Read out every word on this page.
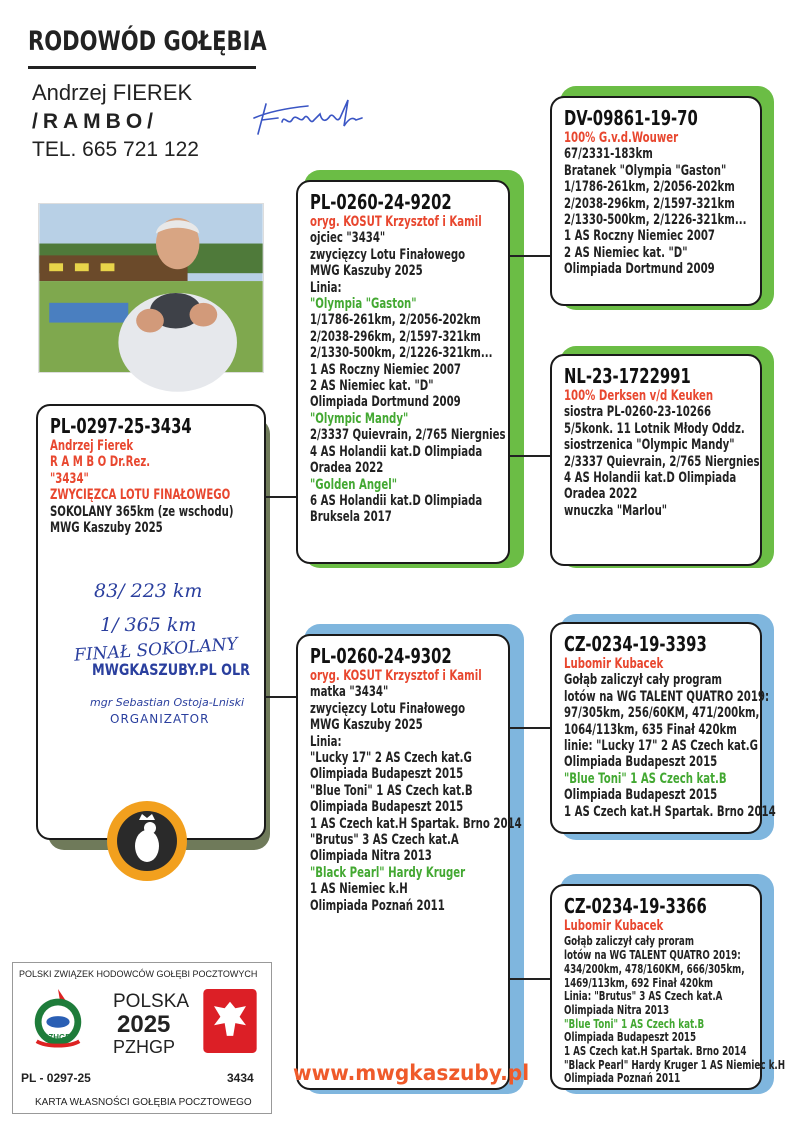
RODOWÓD GOŁĘBIA
Andrzej FIEREK
/RAMBO/
TEL. 665 721 122
PL-0297-25-3434
Andrzej Fierek
R A M B O Dr.Rez.
"3434"
ZWYCIĘZCA LOTU FINAŁOWEGO
SOKOLANY 365km (ze wschodu)
MWG Kaszuby 2025
83/ 223 km
1/ 365 km
FINAŁ SOKOLANY
MWGKASZUBY.PL OLR
mgr Sebastian Ostoja-Lniski
ORGANIZATOR
PL-0260-24-9202
oryg. KOSUT Krzysztof i Kamil
ojciec "3434"
zwycięzcy Lotu Finałowego
MWG Kaszuby 2025
Linia:
"Olympia "Gaston"
1/1786-261km, 2/2056-202km
2/2038-296km, 2/1597-321km
2/1330-500km, 2/1226-321km...
1 AS Roczny Niemiec 2007
2 AS Niemiec kat. "D"
Olimpiada Dortmund 2009
"Olympic Mandy"
2/3337 Quievrain, 2/765 Niergnies
4 AS Holandii kat.D Olimpiada
Oradea 2022
"Golden Angel"
6 AS Holandii kat.D Olimpiada
Bruksela 2017
PL-0260-24-9302
oryg. KOSUT Krzysztof i Kamil
matka "3434"
zwycięzcy Lotu Finałowego
MWG Kaszuby 2025
Linia:
"Lucky 17" 2 AS Czech kat.G
Olimpiada Budapeszt 2015
"Blue Toni" 1 AS Czech kat.B
Olimpiada Budapeszt 2015
1 AS Czech kat.H Spartak. Brno 2014
"Brutus" 3 AS Czech kat.A
Olimpiada Nitra 2013
"Black Pearl" Hardy Kruger
1 AS Niemiec k.H
Olimpiada Poznań 2011
DV-09861-19-70
100% G.v.d.Wouwer
67/2331-183km
Bratanek "Olympia "Gaston"
1/1786-261km, 2/2056-202km
2/2038-296km, 2/1597-321km
2/1330-500km, 2/1226-321km...
1 AS Roczny Niemiec 2007
2 AS Niemiec kat. "D"
Olimpiada Dortmund 2009
NL-23-1722991
100% Derksen v/d Keuken
siostra PL-0260-23-10266
5/5konk. 11 Lotnik Młody Oddz.
siostrzenica "Olympic Mandy"
2/3337 Quievrain, 2/765 Niergnies
4 AS Holandii kat.D Olimpiada
Oradea 2022
wnuczka "Marlou"
CZ-0234-19-3393
Lubomir Kubacek
Gołąb zaliczył cały program
lotów na WG TALENT QUATRO 2019:
97/305km, 256/60KM, 471/200km,
1064/113km, 635 Finał 420km
linie: "Lucky 17" 2 AS Czech kat.G
Olimpiada Budapeszt 2015
"Blue Toni" 1 AS Czech kat.B
Olimpiada Budapeszt 2015
1 AS Czech kat.H Spartak. Brno 2014
CZ-0234-19-3366
Lubomir Kubacek
Gołąb zaliczył cały proram
lotów na WG TALENT QUATRO 2019:
434/200km, 478/160KM, 666/305km,
1469/113km, 692 Finał 420km
Linia: "Brutus" 3 AS Czech kat.A
Olimpiada Nitra 2013
"Blue Toni" 1 AS Czech kat.B
Olimpiada Budapeszt 2015
1 AS Czech kat.H Spartak. Brno 2014
"Black Pearl" Hardy Kruger 1 AS Niemiec k.H
Olimpiada Poznań 2011
POLSKI ZWIĄZEK HODOWCÓW GOŁĘBI POCZTOWYCH
PZHGP
POLSKA
2025
PZHGP
PL - 0297-25	3434
KARTA WŁASNOŚCI GOŁĘBIA POCZTOWEGO
www.mwgkaszuby.pl
